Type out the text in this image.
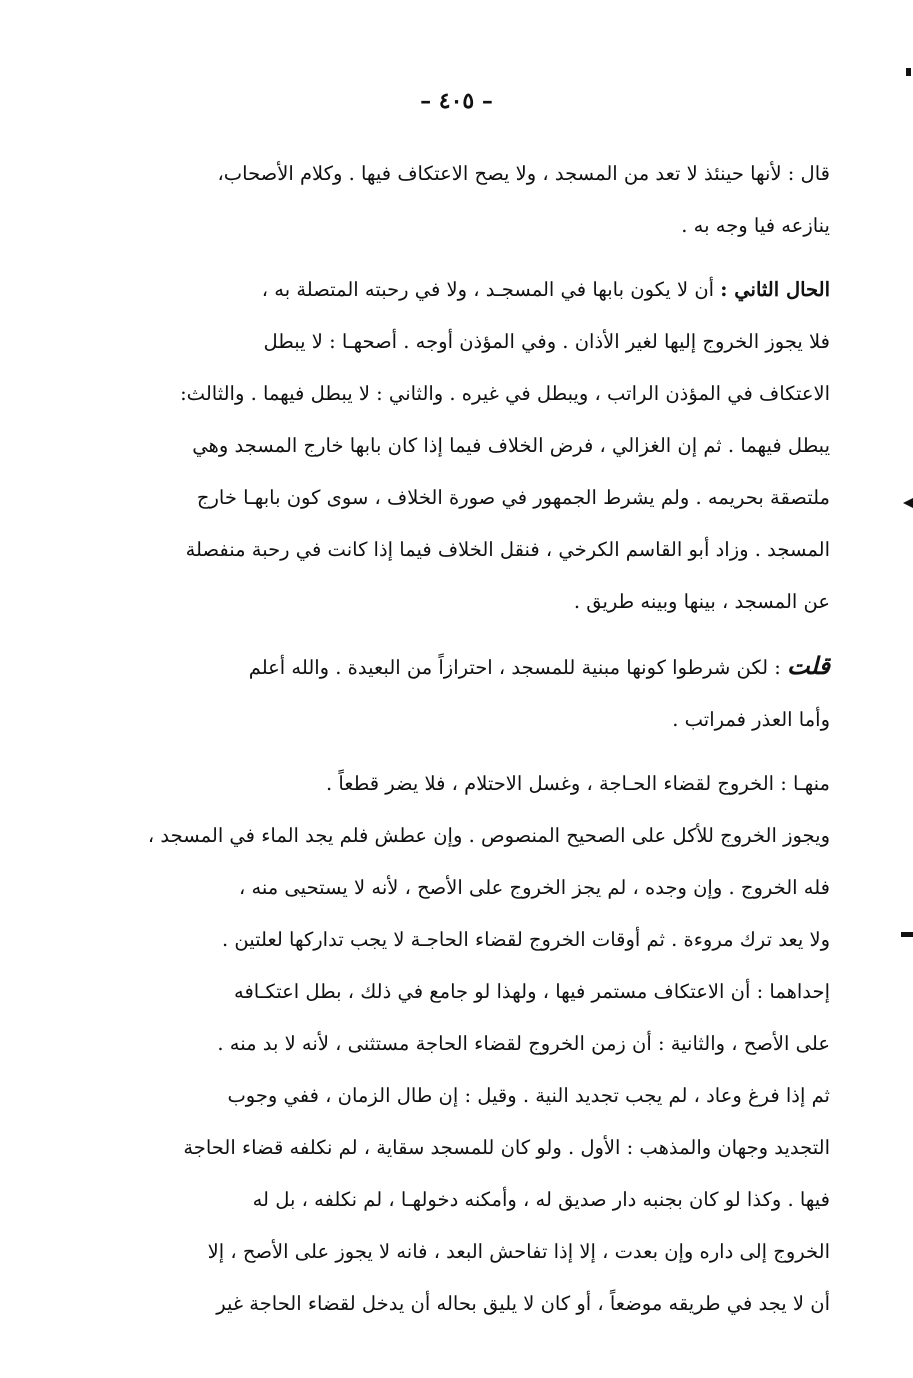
– ٤٠٥ –
قال : لأنها حينئذ لا تعد من المسجد ، ولا يصح الاعتكاف فيها . وكلام الأصحاب،
ينازعه فيا وجه به .
الحال الثاني : أن لا يكون بابها في المسجـد ، ولا في رحبته المتصلة به ،
فلا يجوز الخروج إليها لغير الأذان . وفي المؤذن أوجه . أصحهـا : لا يبطل
الاعتكاف في المؤذن الراتب ، ويبطل في غيره . والثاني : لا يبطل فيهما . والثالث:
يبطل فيهما . ثم إن الغزالي ، فرض الخلاف فيما إذا كان بابها خارج المسجد وهي
ملتصقة بحريمه . ولم يشرط الجمهور في صورة الخلاف ، سوى كون بابهـا خارج
المسجد . وزاد أبو القاسم الكرخي ، فنقل الخلاف فيما إذا كانت في رحبة منفصلة
عن المسجد ، بينها وبينه طريق .
قلت : لكن شرطوا كونها مبنية للمسجد ، احترازاً من البعيدة . والله أعلم
وأما العذر فمراتب .
منهـا : الخروج لقضاء الحـاجة ، وغسل الاحتلام ، فلا يضر قطعاً .
ويجوز الخروج للأكل على الصحيح المنصوص . وإن عطش فلم يجد الماء في المسجد ،
فله الخروج . وإن وجده ، لم يجز الخروج على الأصح ، لأنه لا يستحيى منه ،
ولا يعد ترك مروءة . ثم أوقات الخروج لقضاء الحاجـة لا يجب تداركها لعلتين .
إحداهما : أن الاعتكاف مستمر فيها ، ولهذا لو جامع في ذلك ، بطل اعتكـافه
على الأصح ، والثانية : أن زمن الخروج لقضاء الحاجة مستثنى ، لأنه لا بد منه .
ثم إذا فرغ وعاد ، لم يجب تجديد النية . وقيل : إن طال الزمان ، ففي وجوب
التجديد وجهان والمذهب : الأول . ولو كان للمسجد سقاية ، لم نكلفه قضاء الحاجة
فيها . وكذا لو كان بجنبه دار صديق له ، وأمكنه دخولهـا ، لم نكلفه ، بل له
الخروج إلى داره وإن بعدت ، إلا إذا تفاحش البعد ، فانه لا يجوز على الأصح ، إلا
أن لا يجد في طريقه موضعاً ، أو كان لا يليق بحاله أن يدخل لقضاء الحاجة غير
